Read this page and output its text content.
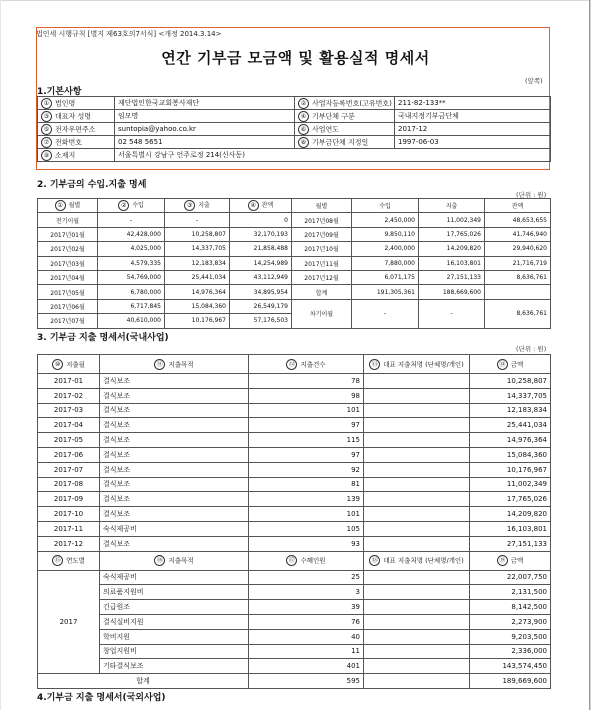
법인세 시행규칙 [별지 제63호의7서식] <개정 2014.3.14>
연간 기부금 모금액 및 활용실적 명세서
(앞쪽)
1.기본사항
① 법인명	재단법인한국교회봉사재단	② 사업자등록번호(고유번호)	211-82-133**
③ 대표자 성명	임모명	④ 기부단체 구분	국내지정기부금단체
⑤ 전자우편주소	suntopia@yahoo.co.kr	⑥ 사업연도	2017-12
⑦ 전화번호	02 548 5651	⑧ 기부금단체 지정일	1997-06-03
⑨ 소재지	서울특별시 강남구 언주로정 214(신사동)		
2. 기부금의 수입.지출 명세
(단위 : 원)
① 월별	② 수입	③ 지출	④ 잔액	월별	수입	지출	잔액
전기이월	-	-	0	2017년08월	2,450,000	11,002,349	48,653,655
2017년01월	42,428,000	10,258,807	32,170,193	2017년09월	9,850,110	17,765,026	41,746,940
2017년02월	4,025,000	14,337,705	21,858,488	2017년10월	2,400,000	14,209,820	29,940,620
2017년03월	4,579,335	12,183,834	14,254,989	2017년11월	7,880,000	16,103,801	21,716,719
2017년04월	54,769,000	25,441,034	43,112,949	2017년12월	6,071,175	27,151,133	8,636,761
2017년05월	6,780,000	14,976,364	34,895,954	합계	191,305,361	188,669,600	
2017년06월	6,717,845	15,084,360	26,549,179	차기이월	-	-	8,636,761
2017년07월	40,610,000	10,176,967	57,176,503				
3. 기부금 지출 명세서(국내사업)
(단위 : 원)
⑩ 지출월	⑪ 지출목적	⑫ 지출건수	⑬ 대표 지출처명 (단체명/개인)	⑭ 금액
2017-01	결식보조	78		10,258,807
2017-02	결식보조	98		14,337,705
2017-03	결식보조	101		12,183,834
2017-04	결식보조	97		25,441,034
2017-05	결식보조	115		14,976,364
2017-06	결식보조	97		15,084,360
2017-07	결식보조	92		10,176,967
2017-08	결식보조	81		11,002,349
2017-09	결식보조	139		17,765,026
2017-10	결식보조	101		14,209,820
2017-11	숙식제공비	105		16,103,801
2017-12	결식보조	93		27,151,133
⑮ 연도별	⑯ 지출목적	⑰ 수혜인원	⑱ 대표 지출처명 (단체명/개인)	⑲ 금액
2017	숙식제공비	25		22,007,750
	의료품지원비	3		2,131,500
	긴급원조	39		8,142,500
	결식실비지원	76		2,273,900
	학비지원	40		9,203,500
	창업지원비	11		2,336,000
	기타결식보조	401		143,574,450
합계		595		189,669,600
4.기부금 지출 명세서(국외사업)
